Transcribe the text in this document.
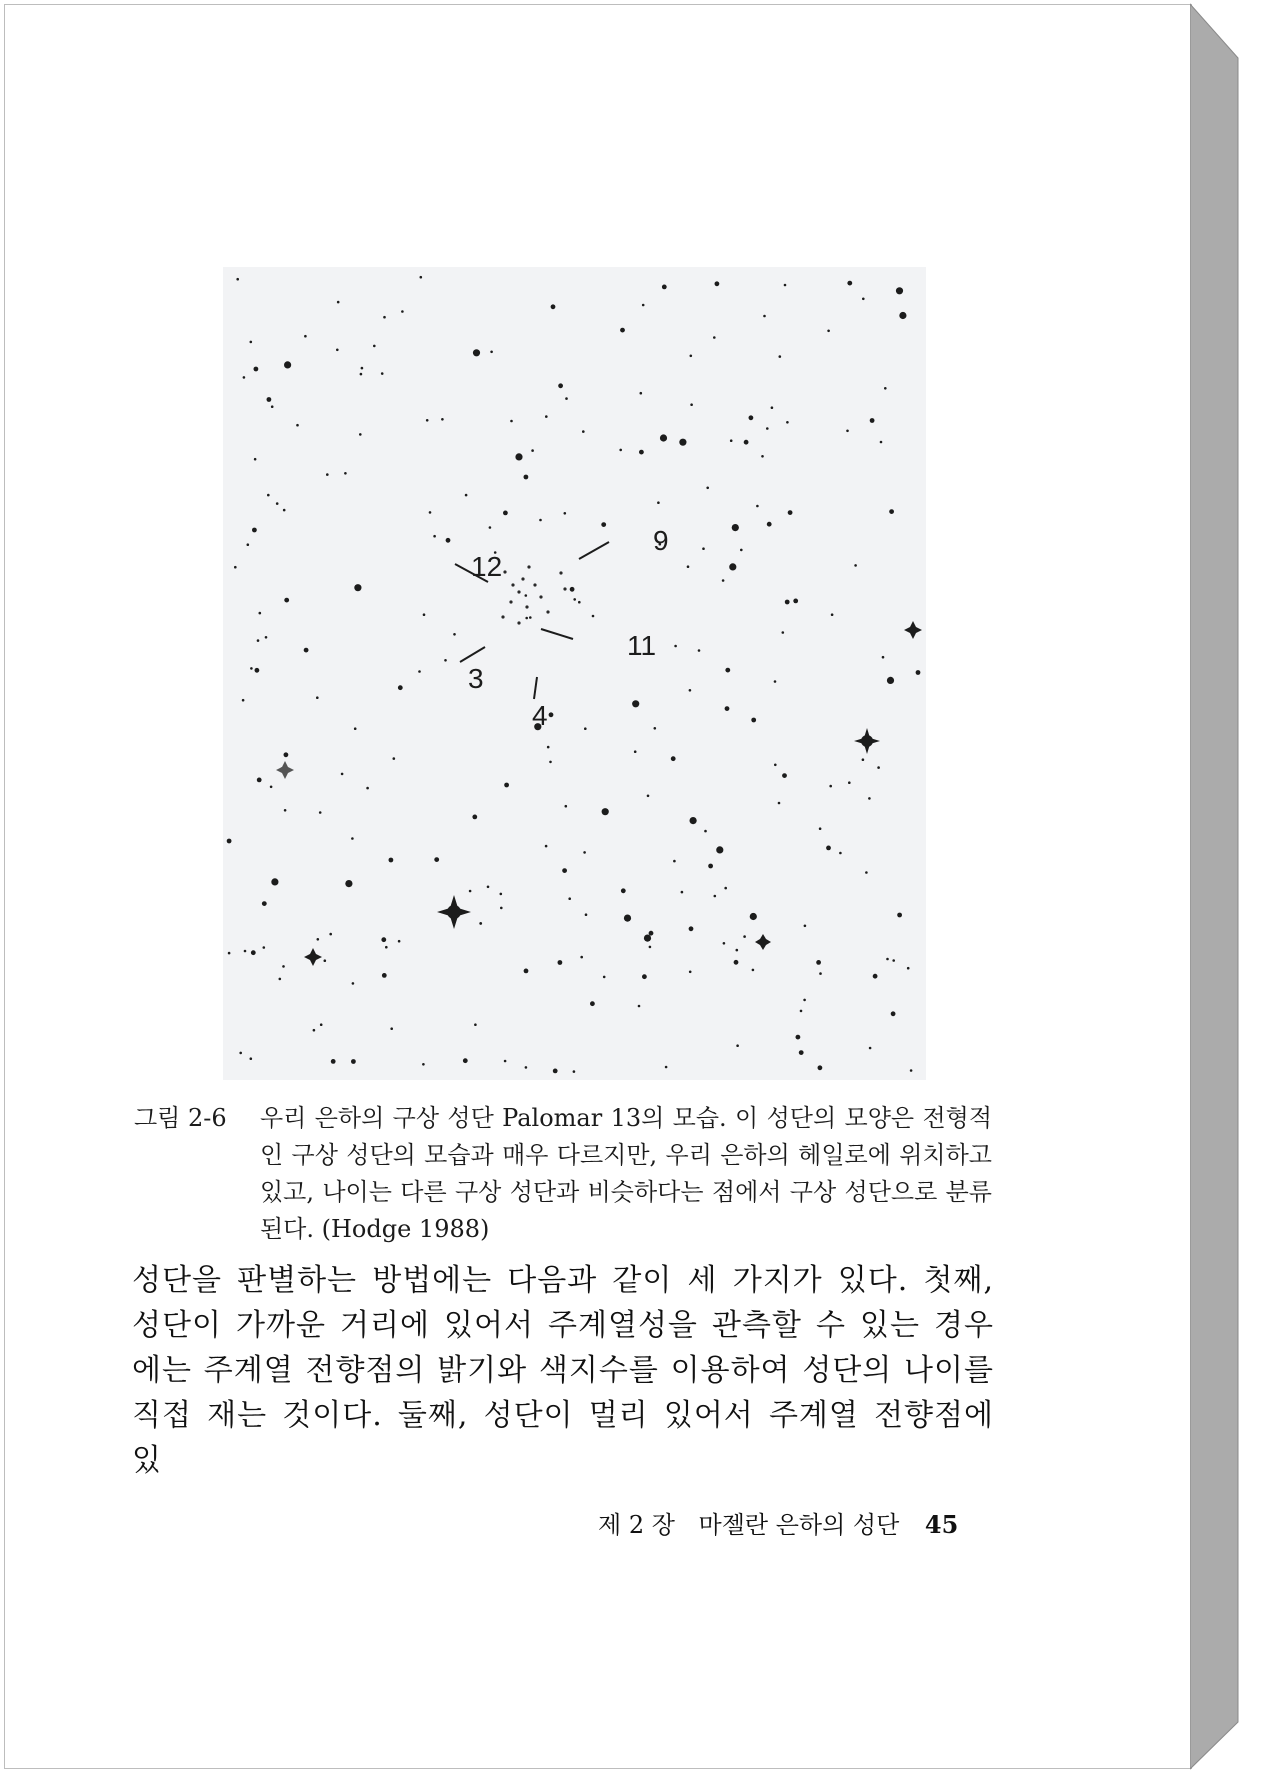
12
9
11
3
4
그림 2-6 우리 은하의 구상 성단 Palomar 13의 모습. 이 성단의 모양은 전형적인 구상 성단의 모습과 매우 다르지만, 우리 은하의 헤일로에 위치하고 있고, 나이는 다른 구상 성단과 비슷하다는 점에서 구상 성단으로 분류된다. (Hodge 1988)
성단을 판별하는 방법에는 다음과 같이 세 가지가 있다. 첫째, 성단이 가까운 거리에 있어서 주계열성을 관측할 수 있는 경우에는 주계열 전향점의 밝기와 색지수를 이용하여 성단의 나이를 직접 재는 것이다. 둘째, 성단이 멀리 있어서 주계열 전향점에 있
제 2 장 마젤란 은하의 성단 45
